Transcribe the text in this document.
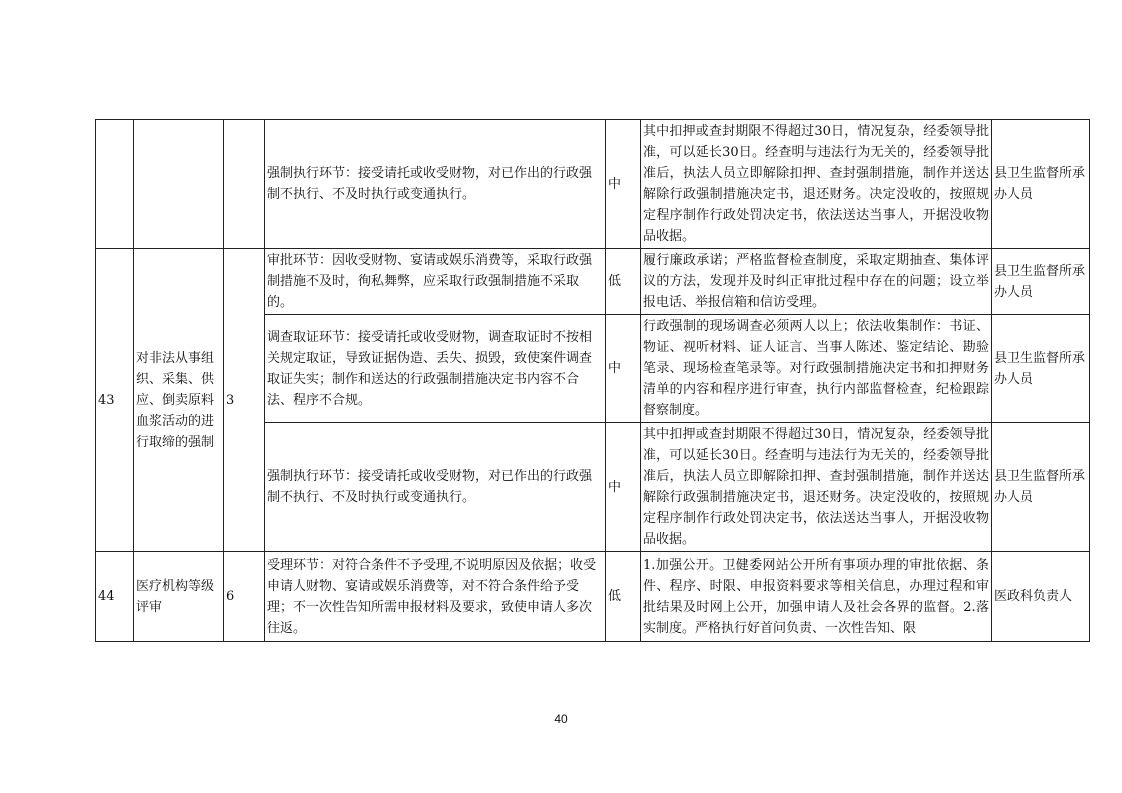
			强制执行环节：接受请托或收受财物，对已作出的行政强制不执行、不及时执行或变通执行。	中	其中扣押或查封期限不得超过30日，情况复杂，经委领导批准，可以延长30日。经查明与违法行为无关的，经委领导批准后，执法人员立即解除扣押、查封强制措施，制作并送达解除行政强制措施决定书，退还财务。决定没收的，按照规定程序制作行政处罚决定书，依法送达当事人，开据没收物品收据。	县卫生监督所承办人员
43	对非法从事组织、采集、供应、倒卖原料血浆活动的进行取缔的强制	3	审批环节：因收受财物、宴请或娱乐消费等，采取行政强制措施不及时，徇私舞弊，应采取行政强制措施不采取的。	低	履行廉政承诺；严格监督检查制度，采取定期抽查、集体评议的方法，发现并及时纠正审批过程中存在的问题；设立举报电话、举报信箱和信访受理。	县卫生监督所承办人员
			调查取证环节：接受请托或收受财物，调查取证时不按相关规定取证，导致证据伪造、丢失、损毁，致使案件调查取证失实；制作和送达的行政强制措施决定书内容不合法、程序不合规。	中	行政强制的现场调查必须两人以上；依法收集制作：书证、物证、视听材料、证人证言、当事人陈述、鉴定结论、勘验笔录、现场检查笔录等。对行政强制措施决定书和扣押财务清单的内容和程序进行审查，执行内部监督检查，纪检跟踪督察制度。	县卫生监督所承办人员
			强制执行环节：接受请托或收受财物，对已作出的行政强制不执行、不及时执行或变通执行。	中	其中扣押或查封期限不得超过30日，情况复杂，经委领导批准，可以延长30日。经查明与违法行为无关的，经委领导批准后，执法人员立即解除扣押、查封强制措施，制作并送达解除行政强制措施决定书，退还财务。决定没收的，按照规定程序制作行政处罚决定书，依法送达当事人，开据没收物品收据。	县卫生监督所承办人员
44	医疗机构等级评审	6	受理环节：对符合条件不予受理,不说明原因及依据；收受申请人财物、宴请或娱乐消费等，对不符合条件给予受理；不一次性告知所需申报材料及要求，致使申请人多次往返。	低	1.加强公开。卫健委网站公开所有事项办理的审批依据、条件、程序、时限、申报资料要求等相关信息，办理过程和审批结果及时网上公开，加强申请人及社会各界的监督。2.落实制度。严格执行好首问负责、一次性告知、限	医政科负责人
40
